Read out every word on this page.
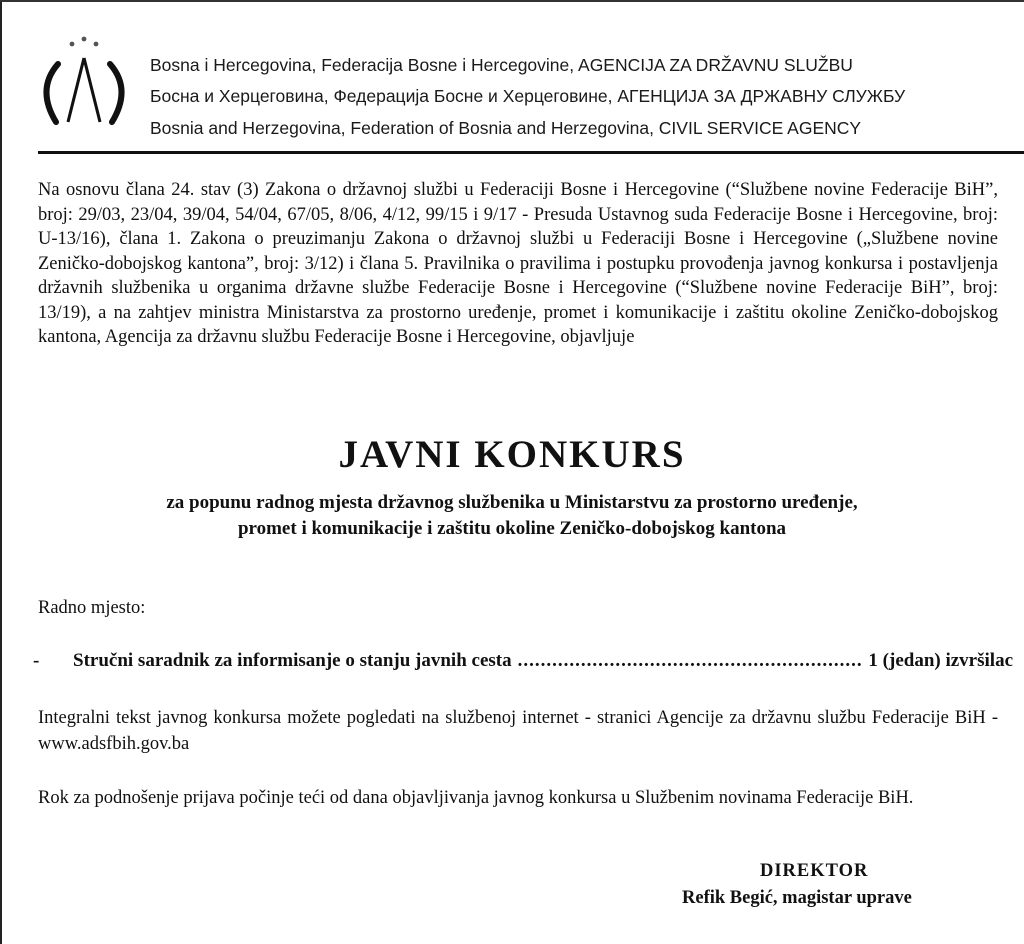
Bosna i Hercegovina, Federacija Bosne i Hercegovine, AGENCIJA ZA DRŽAVNU SLUŽBU
Босна и Херцеговина, Федерација Босне и Херцеговине, АГЕНЦИЈА ЗА ДРЖАВНУ СЛУЖБУ
Bosnia and Herzegovina, Federation of Bosnia and Herzegovina, CIVIL SERVICE AGENCY

Na osnovu člana 24. stav (3) Zakona o državnoj službi u Federaciji Bosne i Hercegovine (“Službene novine Federacije BiH”, broj: 29/03, 23/04, 39/04, 54/04, 67/05, 8/06, 4/12, 99/15 i 9/17 - Presuda Ustavnog suda Federacije Bosne i Hercegovine, broj: U-13/16), člana 1. Zakona o preuzimanju Zakona o državnoj službi u Federaciji Bosne i Hercegovine („Službene novine Zeničko-dobojskog kantona”, broj: 3/12) i člana 5. Pravilnika o pravilima i postupku provođenja javnog konkursa i postavljenja državnih službenika u organima državne službe Federacije Bosne i Hercegovine (“Službene novine Federacije BiH”, broj: 13/19), a na zahtjev ministra Ministarstva za prostorno uređenje, promet i komunikacije i zaštitu okoline Zeničko-dobojskog kantona, Agencija za državnu službu Federacije Bosne i Hercegovine, objavljuje

JAVNI KONKURS
za popunu radnog mjesta državnog službenika u Ministarstvu za prostorno uređenje,
promet i komunikacije i zaštitu okoline Zeničko-dobojskog kantona
Radno mjesto:
-	Stručni saradnik za informisanje o stanju javnih cesta
.....	1 (jedan) izvršilac

Integralni tekst javnog konkursa možete pogledati na službenoj internet - stranici Agencije za državnu službu Federacije BiH - www.adsfbih.gov.ba

Rok za podnošenje prijava počinje teći od dana objavljivanja javnog konkursa u Službenim novinama Federacije BiH.

DIREKTOR
Refik Begić, magistar uprave
